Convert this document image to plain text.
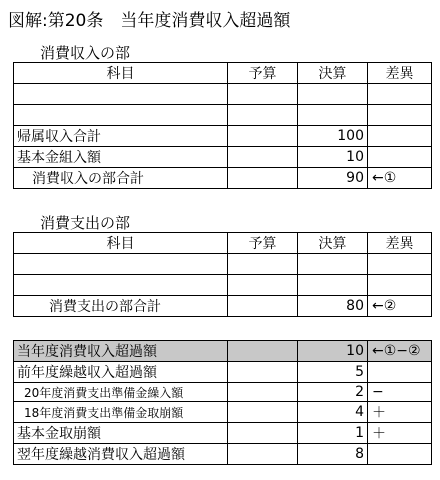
図解:第20条　当年度消費収入超過額
消費収入の部
科目	予算	決算	差異

帰属収入合計		100	
基本金組入額		10	
消費収入の部合計		90	←①
消費支出の部
科目	予算	決算	差異

消費支出の部合計		80	←②
当年度消費収入超過額		10	←①−②
前年度繰越収入超過額		5	
20年度消費支出準備金繰入額		2	−
18年度消費支出準備金取崩額		4	＋
基本金取崩額		1	＋
翌年度繰越消費収入超過額		8	
